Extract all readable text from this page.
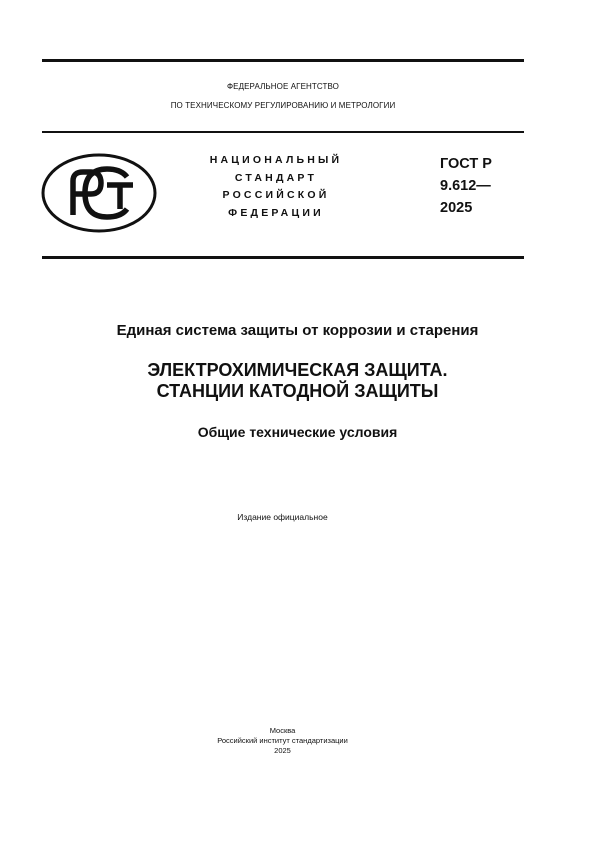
ФЕДЕРАЛЬНОЕ АГЕНТСТВО
ПО ТЕХНИЧЕСКОМУ РЕГУЛИРОВАНИЮ И МЕТРОЛОГИИ
НАЦИОНАЛЬНЫЙ
СТАНДАРТ
РОССИЙСКОЙ
ФЕДЕРАЦИИ
ГОСТ Р
9.612—
2025
Единая система защиты от коррозии и старения
ЭЛЕКТРОХИМИЧЕСКАЯ ЗАЩИТА.
СТАНЦИИ КАТОДНОЙ ЗАЩИТЫ
Общие технические условия
Издание официальное
Москва
Российский институт стандартизации
2025
